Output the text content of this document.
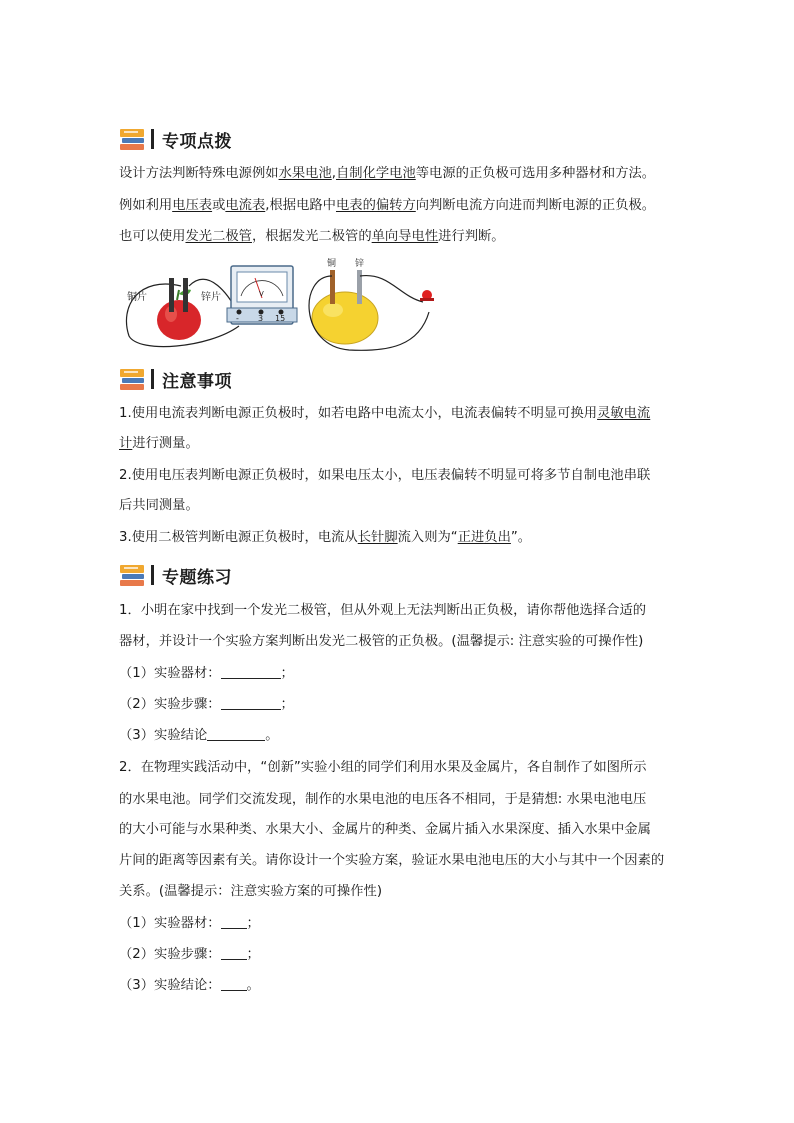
专项点拨
设计方法判断特殊电源例如水果电池,自制化学电池等电源的正负极可选用多种器材和方法。
例如利用电压表或电流表,根据电路中电表的偏转方向判断电流方向进而判断电源的正负极。
也可以使用发光二极管，根据发光二极管的单向导电性进行判断。
铜片	锌片	V
- 3 15
铜 锌
注意事项
1.使用电流表判断电源正负极时，如若电路中电流太小，电流表偏转不明显可换用灵敏电流
计进行测量。
2.使用电压表判断电源正负极时，如果电压太小，电压表偏转不明显可将多节自制电池串联
后共同测量。
3.使用二极管判断电源正负极时，电流从长针脚流入则为“正进负出”。
专题练习
1．小明在家中找到一个发光二极管，但从外观上无法判断出正负极，请你帮他选择合适的
器材，并设计一个实验方案判断出发光二极管的正负极。(温馨提示: 注意实验的可操作性)
（1）实验器材：	；
（2）实验步骤：	；
（3）实验结论	。
2．在物理实践活动中，“创新”实验小组的同学们利用水果及金属片，各自制作了如图所示
的水果电池。同学们交流发现，制作的水果电池的电压各不相同，于是猜想: 水果电池电压
的大小可能与水果种类、水果大小、金属片的种类、金属片插入水果深度、插入水果中金属
片间的距离等因素有关。请你设计一个实验方案，验证水果电池电压的大小与其中一个因素的
关系。(温馨提示：注意实验方案的可操作性)
（1）实验器材： ；
（2）实验步骤： ；
（3）实验结论： 。
